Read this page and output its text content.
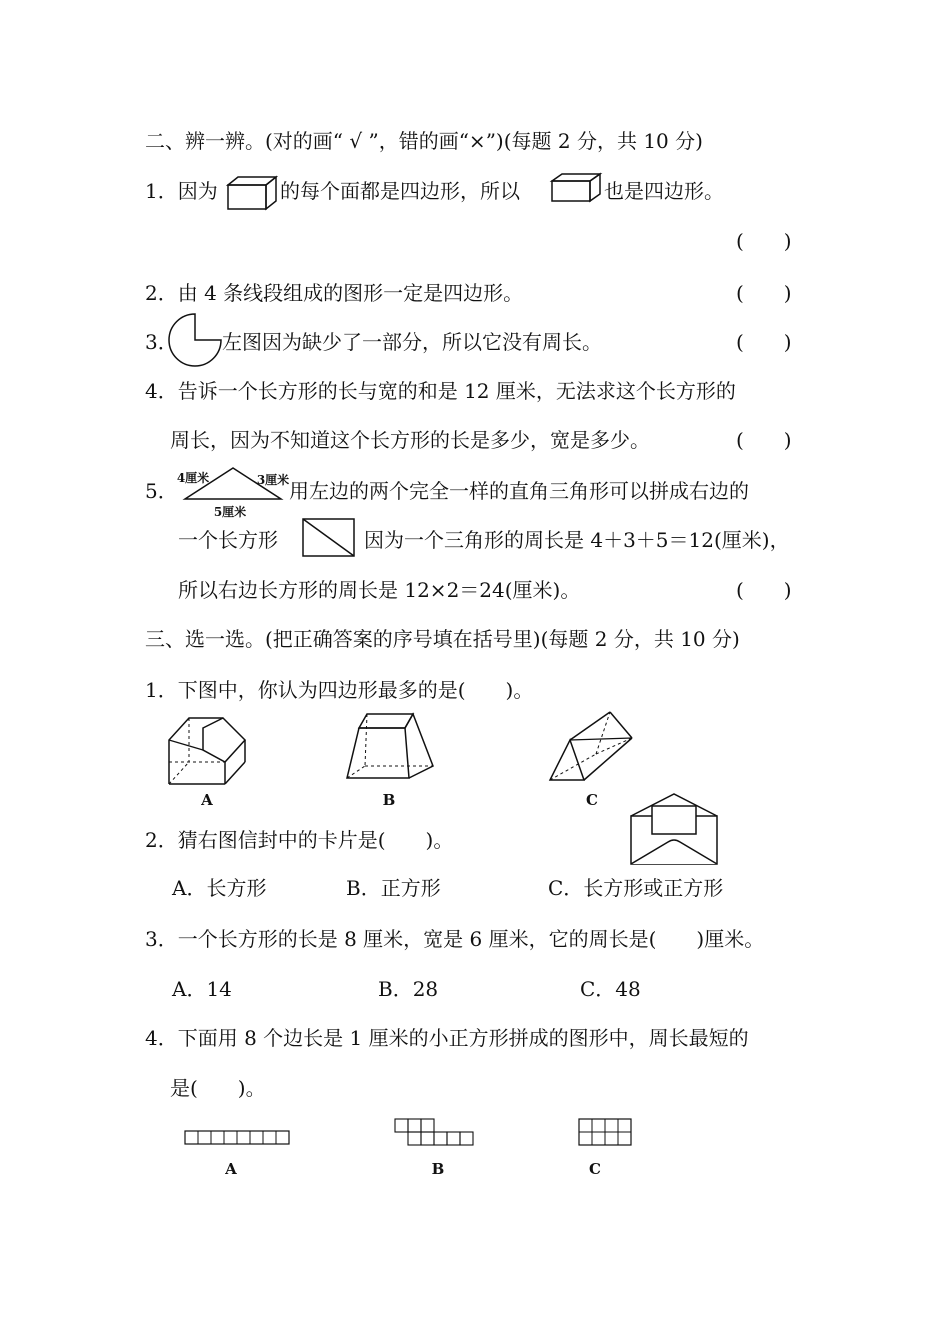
二、辨一辨。(对的画“ √ ”，错的画“×”)(每题 2 分，共 10 分)
1．因为	的每个面都是四边形，所以	也是四边形。
(　　)
2．由 4 条线段组成的图形一定是四边形。	(　　)
3． 左图因为缺少了一部分，所以它没有周长。	(　　)
4．告诉一个长方形的长与宽的和是 12 厘米，无法求这个长方形的
周长，因为不知道这个长方形的长是多少，宽是多少。	(　　)
5．
4厘米	3厘米
5厘米
用左边的两个完全一样的直角三角形可以拼成右边的
一个长方形	因为一个三角形的周长是 4＋3＋5＝12(厘米)，
所以右边长方形的周长是 12×2＝24(厘米)。	(　　)
三、选一选。(把正确答案的序号填在括号里)(每题 2 分，共 10 分)
1．下图中，你认为四边形最多的是(　　)。
A	B	C
2．猜右图信封中的卡片是(　　)。
A．长方形	B．正方形	C．长方形或正方形
3．一个长方形的长是 8 厘米，宽是 6 厘米，它的周长是(　　)厘米。
A．14	B．28	C．48
4．下面用 8 个边长是 1 厘米的小正方形拼成的图形中，周长最短的
是(　　)。
A	B	C
